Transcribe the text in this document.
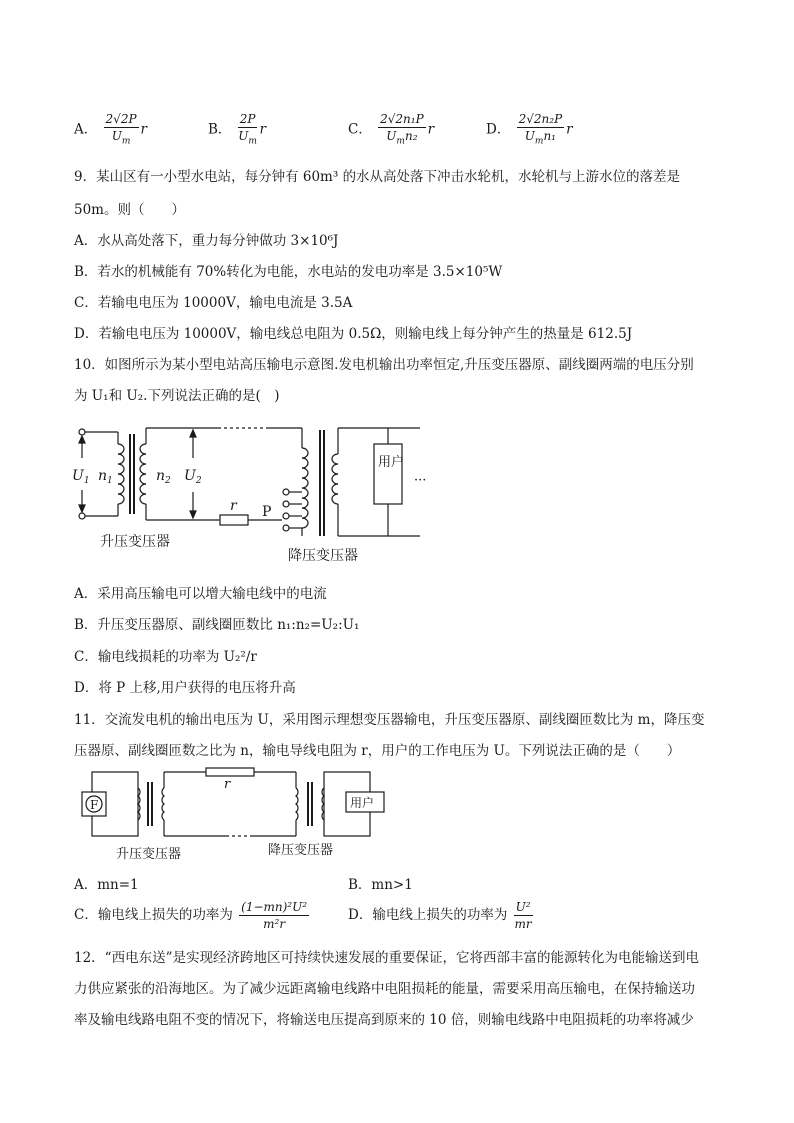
A． $\frac{2√2P}{U_m}$ r	B． $\frac{2P}{U_m}$ r	C． $\frac{\text{2√2n₁P}}{U_mn_2}$ r	D． $\frac{\text{2√2n₂P}}{U_mn_1}$ r
9．某山区有一小型水电站，每分钟有 60m³ 的水从高处落下冲击水轮机，水轮机与上游水位的落差是
50m。则（　　）
A．水从高处落下，重力每分钟做功 3×10⁶J
B．若水的机械能有 70%转化为电能，水电站的发电功率是 3.5×10⁵W
C．若输电电压为 10000V，输电电流是 3.5A
D．若输电电压为 10000V，输电线总电阻为 0.5Ω，则输电线上每分钟产生的热量是 612.5J
10．如图所示为某小型电站高压输电示意图.发电机输出功率恒定,升压变压器原、副线圈两端的电压分别
为 U₁和 U₂.下列说法正确的是(　)
$U_1$ $n_1$	$n_2$ $U_2$
r P
用户
···
升压变压器
降压变压器
A．采用高压输电可以增大输电线中的电流
B．升压变压器原、副线圈匝数比 n₁:n₂=U₂:U₁
C．输电线损耗的功率为 U₂²/r
D．将 P 上移,用户获得的电压将升高
11．交流发电机的输出电压为 U，采用图示理想变压器输电，升压变压器原、副线圈匝数比为 m，降压变
压器原、副线圈匝数之比为 n，输电导线电阻为 r，用户的工作电压为 U。下列说法正确的是（　　）
F
r
用户
升压变压器	降压变压器
A．mn=1	B．mn>1
C．输电线上损失的功率为 $\frac{\text{(1−mn)²U²}}{\text{m²r}}$	D．输电线上损失的功率为 $\frac{\text{U²}}{mr}$
12．“西电东送”是实现经济跨地区可持续快速发展的重要保证，它将西部丰富的能源转化为电能输送到电
力供应紧张的沿海地区。为了减少远距离输电线路中电阻损耗的能量，需要采用高压输电，在保持输送功
率及输电线路电阻不变的情况下，将输送电压提高到原来的 10 倍，则输电线路中电阻损耗的功率将减少
